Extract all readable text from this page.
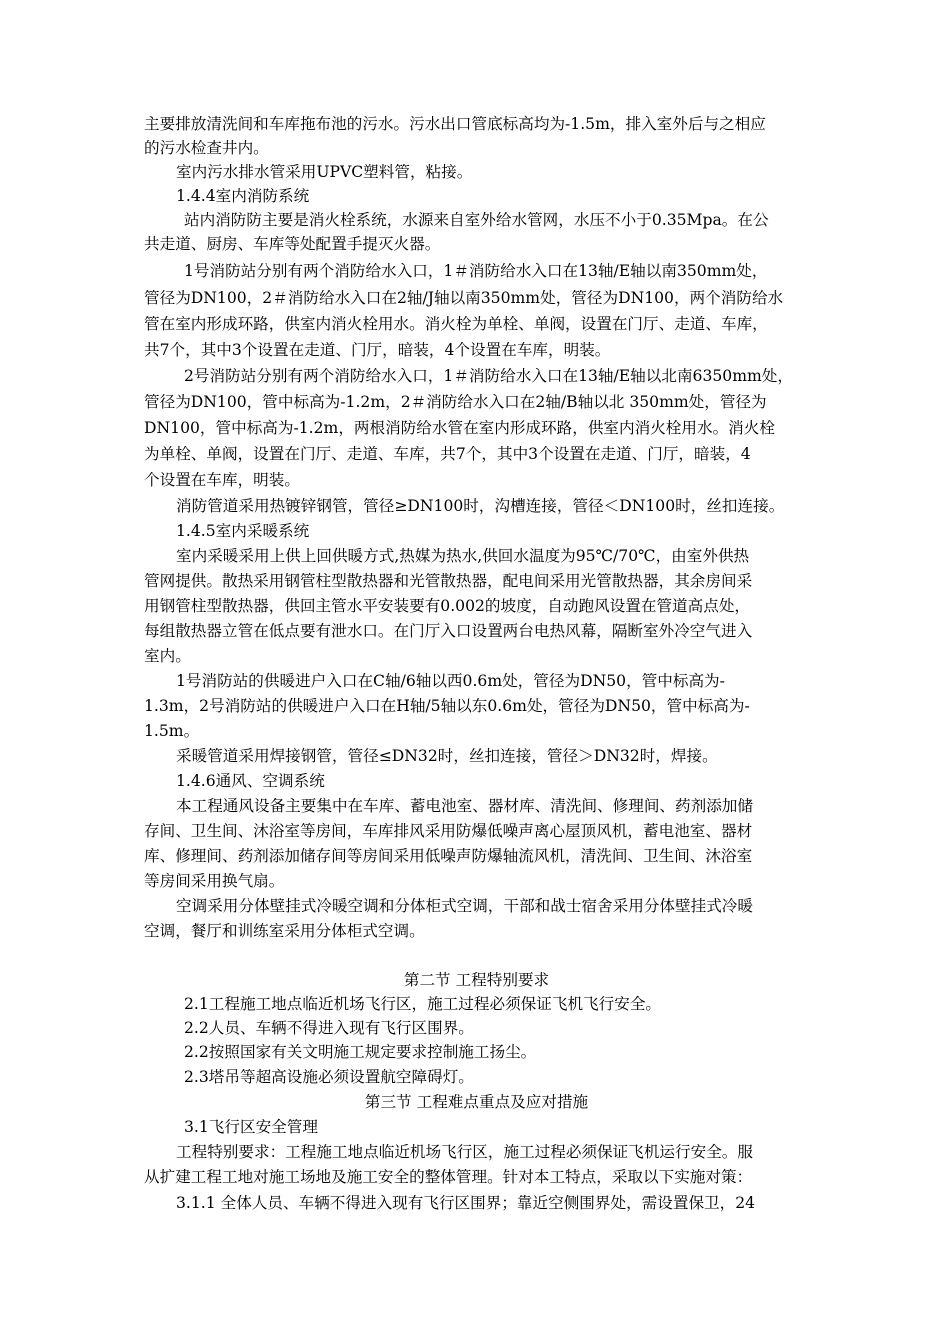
主要排放清洗间和车库拖布池的污水。污水出口管底标高均为-1.5m，排入室外后与之相应
的污水检查井内。
室内污水排水管采用UPVC塑料管，粘接。
1.4.4室内消防系统
站内消防防主要是消火栓系统，水源来自室外给水管网，水压不小于0.35Mpa。在公
共走道、厨房、车库等处配置手提灭火器。
1号消防站分别有两个消防给水入口，1＃消防给水入口在13轴/E轴以南350mm处，
管径为DN100，2＃消防给水入口在2轴/J轴以南350mm处，管径为DN100，两个消防给水
管在室内形成环路，供室内消火栓用水。消火栓为单栓、单阀，设置在门厅、走道、车库，
共7个，其中3个设置在走道、门厅，暗装，4个设置在车库，明装。
2号消防站分别有两个消防给水入口，1＃消防给水入口在13轴/E轴以北南6350mm处，
管径为DN100，管中标高为-1.2m，2＃消防给水入口在2轴/B轴以北 350mm处，管径为
DN100，管中标高为-1.2m，两根消防给水管在室内形成环路，供室内消火栓用水。消火栓
为单栓、单阀，设置在门厅、走道、车库，共7个，其中3个设置在走道、门厅，暗装，4
个设置在车库，明装。
消防管道采用热镀锌钢管，管径≥DN100时，沟槽连接，管径＜DN100时，丝扣连接。
1.4.5室内采暖系统
室内采暖采用上供上回供暖方式,热媒为热水,供回水温度为95℃/70℃，由室外供热
管网提供。散热采用钢管柱型散热器和光管散热器，配电间采用光管散热器，其余房间采
用钢管柱型散热器，供回主管水平安装要有0.002的坡度，自动跑风设置在管道高点处，
每组散热器立管在低点要有泄水口。在门厅入口设置两台电热风幕，隔断室外冷空气进入
室内。
1号消防站的供暖进户入口在C轴/6轴以西0.6m处，管径为DN50，管中标高为-
1.3m，2号消防站的供暖进户入口在H轴/5轴以东0.6m处，管径为DN50，管中标高为-
1.5m。
采暖管道采用焊接钢管，管径≤DN32时，丝扣连接，管径＞DN32时，焊接。
1.4.6通风、空调系统
本工程通风设备主要集中在车库、蓄电池室、器材库、清洗间、修理间、药剂添加储
存间、卫生间、沐浴室等房间，车库排风采用防爆低噪声离心屋顶风机，蓄电池室、器材
库、修理间、药剂添加储存间等房间采用低噪声防爆轴流风机，清洗间、卫生间、沐浴室
等房间采用换气扇。
空调采用分体壁挂式冷暖空调和分体柜式空调，干部和战士宿舍采用分体壁挂式冷暖
空调，餐厅和训练室采用分体柜式空调。
第二节 工程特别要求
2.1工程施工地点临近机场飞行区，施工过程必须保证飞机飞行安全。
2.2人员、车辆不得进入现有飞行区围界。
2.2按照国家有关文明施工规定要求控制施工扬尘。
2.3塔吊等超高设施必须设置航空障碍灯。
第三节 工程难点重点及应对措施
3.1飞行区安全管理
工程特别要求：工程施工地点临近机场飞行区，施工过程必须保证飞机运行安全。服
从扩建工程工地对施工场地及施工安全的整体管理。针对本工特点，采取以下实施对策：
3.1.1 全体人员、车辆不得进入现有飞行区围界；靠近空侧围界处，需设置保卫，24
